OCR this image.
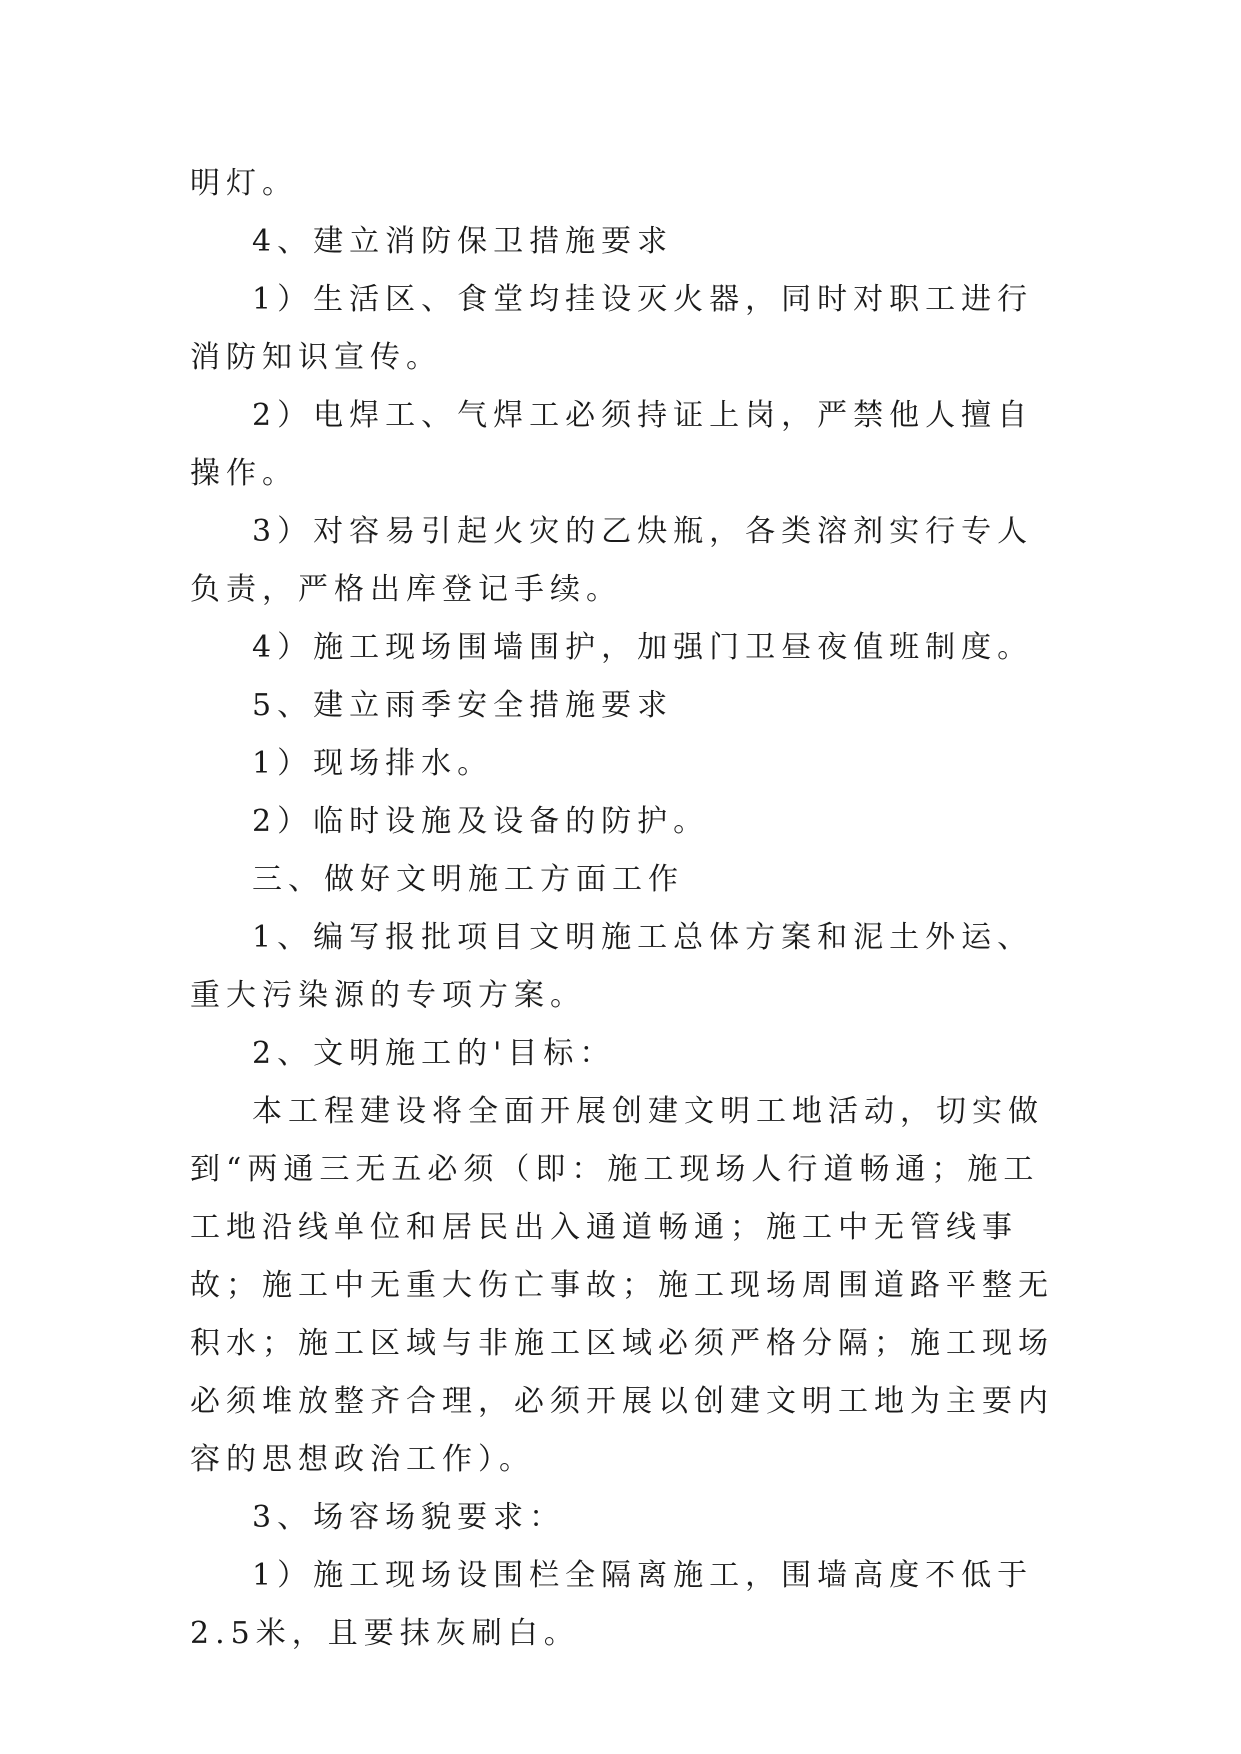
明灯。

4、建立消防保卫措施要求

1）生活区、食堂均挂设灭火器，同时对职工进行消防知识宣传。

2）电焊工、气焊工必须持证上岗，严禁他人擅自操作。

3）对容易引起火灾的乙炔瓶，各类溶剂实行专人负责，严格出库登记手续。

4）施工现场围墙围护，加强门卫昼夜值班制度。

5、建立雨季安全措施要求

1）现场排水。

2）临时设施及设备的防护。

三、做好文明施工方面工作

1、编写报批项目文明施工总体方案和泥土外运、重大污染源的专项方案。

2、文明施工的'目标：

本工程建设将全面开展创建文明工地活动，切实做到“两通三无五必须（即：施工现场人行道畅通；施工工地沿线单位和居民出入通道畅通；施工中无管线事故；施工中无重大伤亡事故；施工现场周围道路平整无积水；施工区域与非施工区域必须严格分隔；施工现场必须堆放整齐合理，必须开展以创建文明工地为主要内容的思想政治工作）。

3、场容场貌要求：

1）施工现场设围栏全隔离施工，围墙高度不低于2.5米，且要抹灰刷白。
